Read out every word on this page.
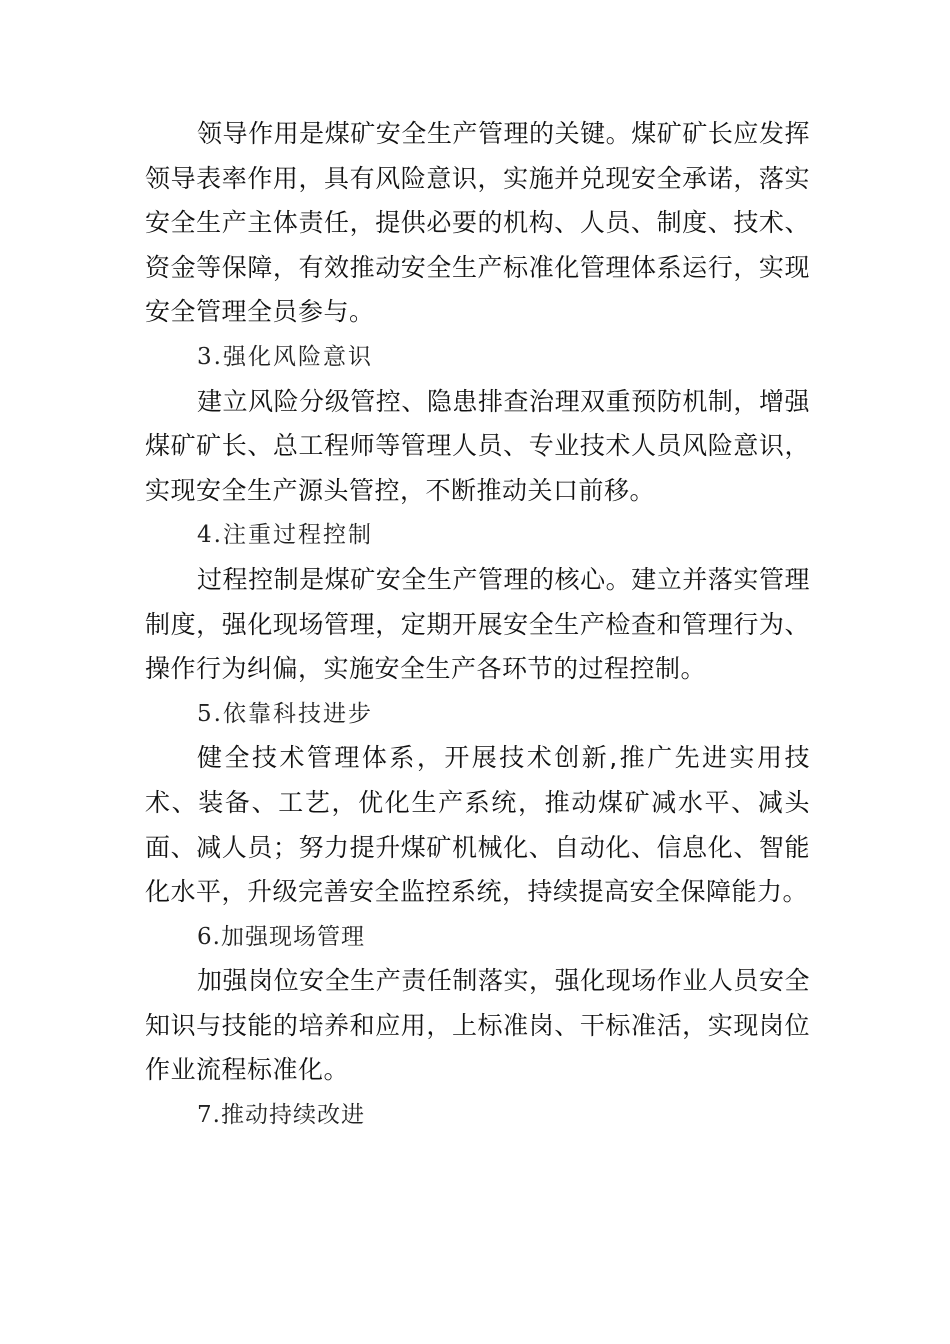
领导作用是煤矿安全生产管理的关键。煤矿矿长应发挥领导表率作用，具有风险意识，实施并兑现安全承诺，落实安全生产主体责任，提供必要的机构、人员、制度、技术、资金等保障，有效推动安全生产标准化管理体系运行，实现安全管理全员参与。

3.强化风险意识

建立风险分级管控、隐患排查治理双重预防机制，增强煤矿矿长、总工程师等管理人员、专业技术人员风险意识，实现安全生产源头管控，不断推动关口前移。

4.注重过程控制

过程控制是煤矿安全生产管理的核心。建立并落实管理制度，强化现场管理，定期开展安全生产检查和管理行为、操作行为纠偏，实施安全生产各环节的过程控制。

5.依靠科技进步

健全技术管理体系，开展技术创新,推广先进实用技术、装备、工艺，优化生产系统，推动煤矿减水平、减头面、减人员；努力提升煤矿机械化、自动化、信息化、智能化水平，升级完善安全监控系统，持续提高安全保障能力。

6.加强现场管理

加强岗位安全生产责任制落实，强化现场作业人员安全知识与技能的培养和应用，上标准岗、干标准活，实现岗位作业流程标准化。

7.推动持续改进
